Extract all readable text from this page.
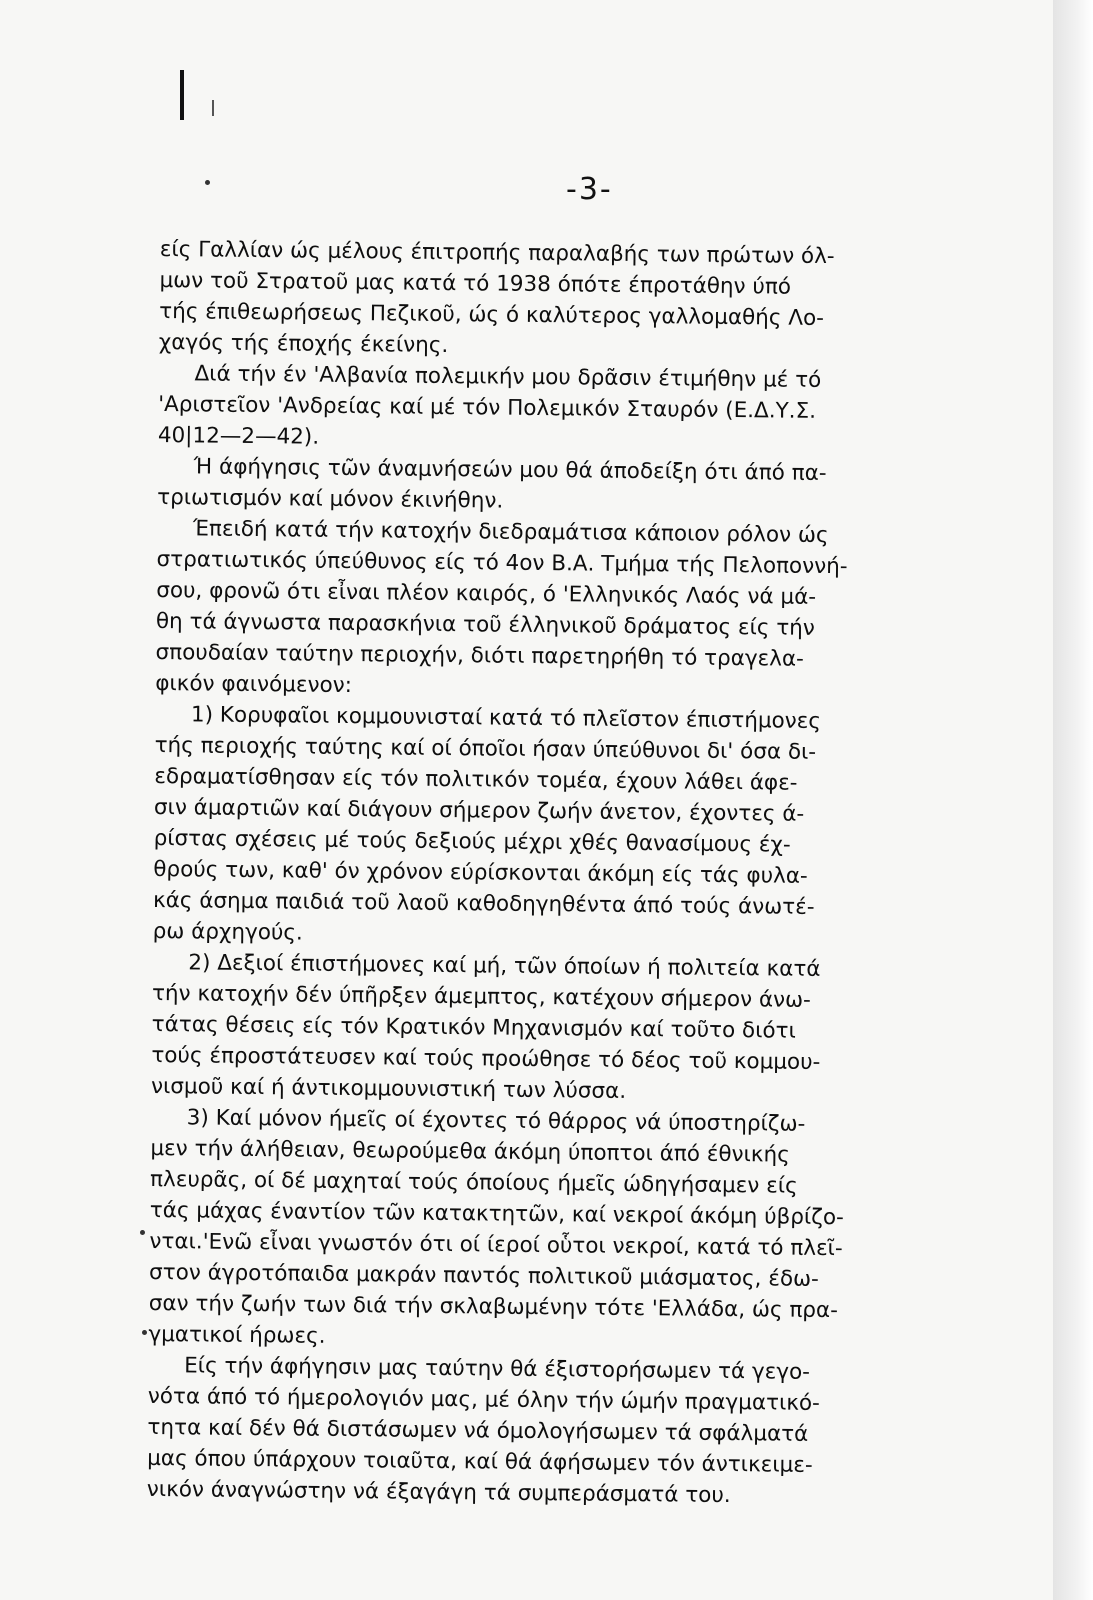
-3-
είς Γαλλίαν ώς μέλους έπιτροπής παραλαβής των πρώτων όλ-
μων τοῦ Στρατοῦ μας κατά τό 1938 όπότε έπροτάθην ύπό
τής έπιθεωρήσεως Πεζικοῦ, ώς ό καλύτερος γαλλομαθής Λο-
χαγός τής έποχής έκείνης.
Διά τήν έν 'Αλβανία πολεμικήν μου δρᾶσιν έτιμήθην μέ τό
'Αριστεῖον 'Ανδρείας καί μέ τόν Πολεμικόν Σταυρόν (Ε.Δ.Υ.Σ.
40|12—2—42).
Ή άφήγησις τῶν άναμνήσεών μου θά άποδείξη ότι άπό πα-
τριωτισμόν καί μόνον έκινήθην.
Έπειδή κατά τήν κατοχήν διεδραμάτισα κάποιον ρόλον ώς
στρατιωτικός ύπεύθυνος είς τό 4ον Β.Α. Τμήμα τής Πελοποννή-
σου, φρονῶ ότι εἶναι πλέον καιρός, ό 'Ελληνικός Λαός νά μά-
θη τά άγνωστα παρασκήνια τοῦ έλληνικοῦ δράματος είς τήν
σπουδαίαν ταύτην περιοχήν, διότι παρετηρήθη τό τραγελα-
φικόν φαινόμενον:
1) Κορυφαῖοι κομμουνισταί κατά τό πλεῖστον έπιστήμονες
τής περιοχής ταύτης καί οί όποῖοι ήσαν ύπεύθυνοι δι' όσα δι-
εδραματίσθησαν είς τόν πολιτικόν τομέα, έχουν λάθει άφε-
σιν άμαρτιῶν καί διάγουν σήμερον ζωήν άνετον, έχοντες ά-
ρίστας σχέσεις μέ τούς δεξιούς μέχρι χθές θανασίμους έχ-
θρούς των, καθ' όν χρόνον εύρίσκονται άκόμη είς τάς φυλα-
κάς άσημα παιδιά τοῦ λαοῦ καθοδηγηθέντα άπό τούς άνωτέ-
ρω άρχηγούς.
2) Δεξιοί έπιστήμονες καί μή, τῶν όποίων ή πολιτεία κατά
τήν κατοχήν δέν ύπῆρξεν άμεμπτος, κατέχουν σήμερον άνω-
τάτας θέσεις είς τόν Κρατικόν Μηχανισμόν καί τοῦτο διότι
τούς έπροστάτευσεν καί τούς προώθησε τό δέος τοῦ κομμου-
νισμοῦ καί ή άντικομμουνιστική των λύσσα.
3) Καί μόνον ήμεῖς οί έχοντες τό θάρρος νά ύποστηρίζω-
μεν τήν άλήθειαν, θεωρούμεθα άκόμη ύποπτοι άπό έθνικής
πλευρᾶς, οί δέ μαχηταί τούς όποίους ήμεῖς ώδηγήσαμεν είς
τάς μάχας έναντίον τῶν κατακτητῶν, καί νεκροί άκόμη ύβρίζο-
νται.'Ενῶ εἶναι γνωστόν ότι οί ίεροί οὗτοι νεκροί, κατά τό πλεῖ-
στον άγροτόπαιδα μακράν παντός πολιτικοῦ μιάσματος, έδω-
σαν τήν ζωήν των διά τήν σκλαβωμένην τότε 'Ελλάδα, ώς πρα-
γματικοί ήρωες.
Είς τήν άφήγησιν μας ταύτην θά έξιστορήσωμεν τά γεγο-
νότα άπό τό ήμερολογιόν μας, μέ όλην τήν ώμήν πραγματικό-
τητα καί δέν θά διστάσωμεν νά όμολογήσωμεν τά σφάλματά
μας όπου ύπάρχουν τοιαῦτα, καί θά άφήσωμεν τόν άντικειμε-
νικόν άναγνώστην νά έξαγάγη τά συμπεράσματά του.
